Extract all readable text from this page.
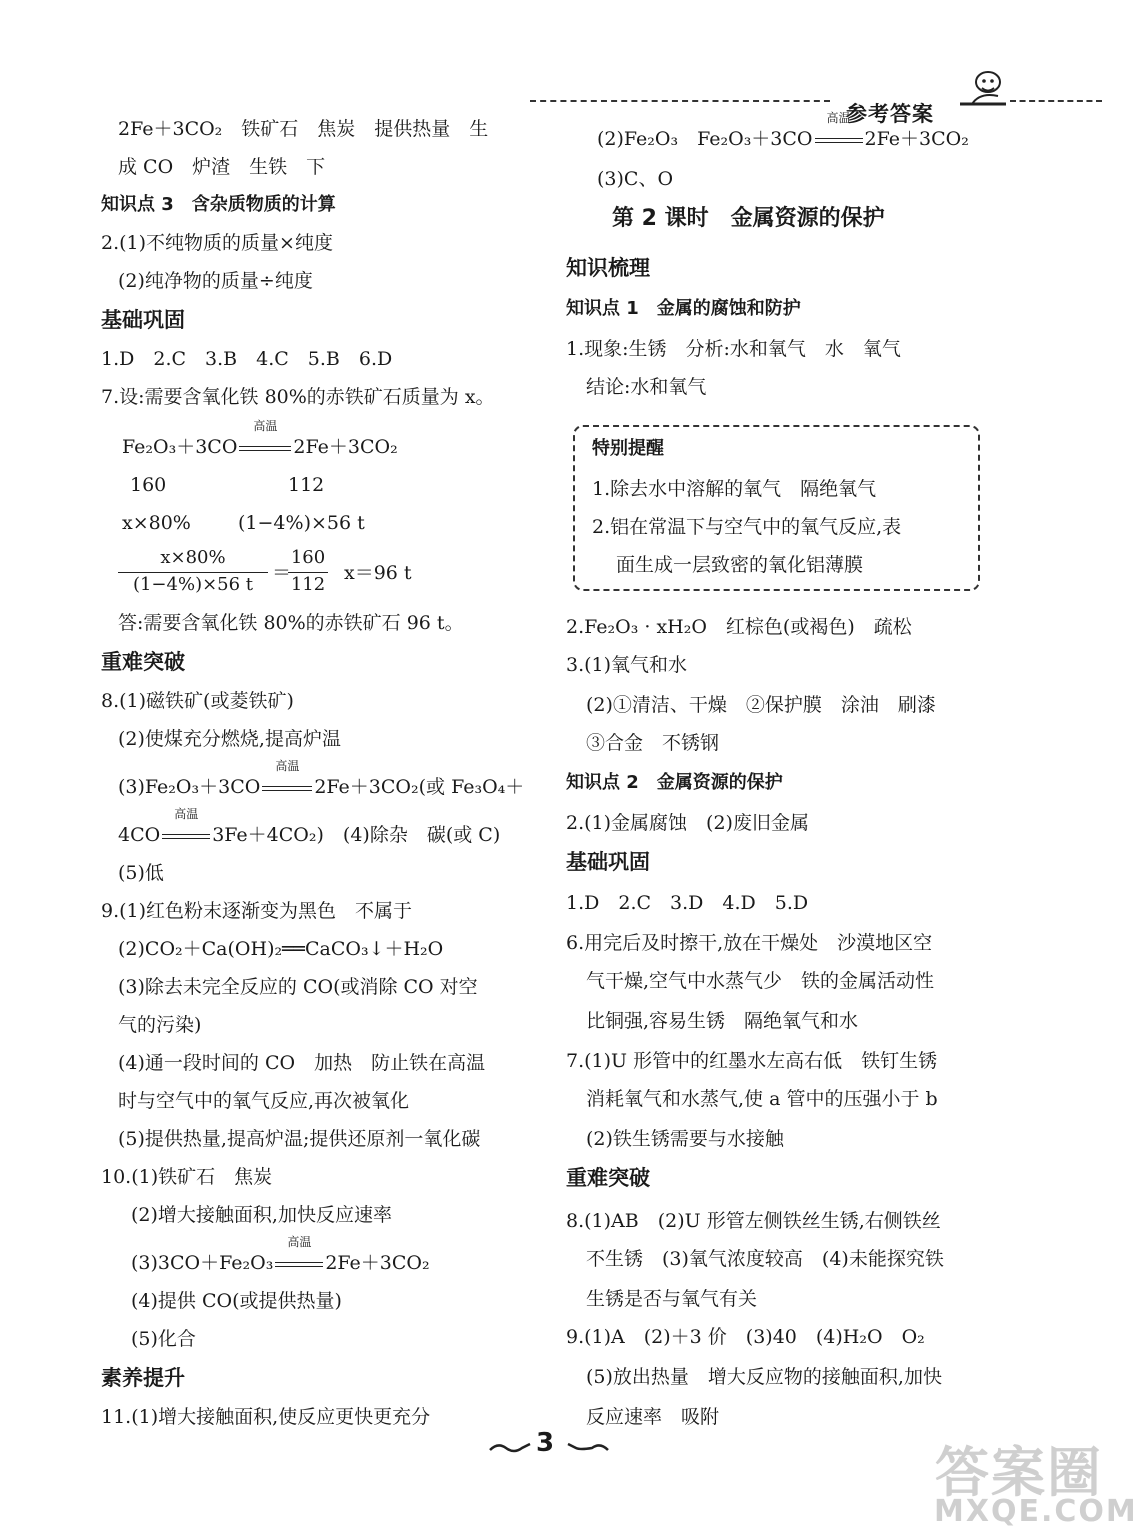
参考答案
2Fe＋3CO₂　铁矿石　焦炭　提供热量　生
成 CO　炉渣　生铁　下
知识点 3　含杂质物质的计算
2.(1)不纯物质的质量×纯度
(2)纯净物的质量÷纯度
基础巩固
1.D　2.C　3.B　4.C　5.B　6.D
7.设:需要含氧化铁 80%的赤铁矿石质量为 x。
Fe₂O₃＋3CO
高温
2Fe＋3CO₂
160	112
x×80% (1−4%)×56 t
x×80%
(1−4%)×56 t
＝
160
112
x＝96 t
答:需要含氧化铁 80%的赤铁矿石 96 t。
重难突破
8.(1)磁铁矿(或菱铁矿)
(2)使煤充分燃烧,提高炉温
(3)Fe₂O₃＋3CO
高温
2Fe＋3CO₂(或 Fe₃O₄＋
4CO
高温
3Fe＋4CO₂)　(4)除杂　碳(或 C)
(5)低
9.(1)红色粉末逐渐变为黑色　不属于
(2)CO₂＋Ca(OH)₂══CaCO₃↓＋H₂O
(3)除去未完全反应的 CO(或消除 CO 对空
气的污染)
(4)通一段时间的 CO　加热　防止铁在高温
时与空气中的氧气反应,再次被氧化
(5)提供热量,提高炉温;提供还原剂一氧化碳
10.(1)铁矿石　焦炭
(2)增大接触面积,加快反应速率
(3)3CO＋Fe₂O₃
高温
2Fe＋3CO₂
(4)提供 CO(或提供热量)
(5)化合
素养提升
11.(1)增大接触面积,使反应更快更充分
(2)Fe₂O₃　Fe₂O₃＋3CO
高温
2Fe＋3CO₂
(3)C、O
第 2 课时　金属资源的保护
知识梳理
知识点 1　金属的腐蚀和防护
1.现象:生锈　分析:水和氧气　水　氧气
结论:水和氧气
特别提醒
1.除去水中溶解的氧气　隔绝氧气
2.铝在常温下与空气中的氧气反应,表
面生成一层致密的氧化铝薄膜
2.Fe₂O₃ · xH₂O　红棕色(或褐色)　疏松
3.(1)氧气和水
(2)①清洁、干燥　②保护膜　涂油　刷漆
③合金　不锈钢
知识点 2　金属资源的保护
2.(1)金属腐蚀　(2)废旧金属
基础巩固
1.D　2.C　3.D　4.D　5.D
6.用完后及时擦干,放在干燥处　沙漠地区空
气干燥,空气中水蒸气少　铁的金属活动性
比铜强,容易生锈　隔绝氧气和水
7.(1)U 形管中的红墨水左高右低　铁钉生锈
消耗氧气和水蒸气,使 a 管中的压强小于 b
(2)铁生锈需要与水接触
重难突破
8.(1)AB　(2)U 形管左侧铁丝生锈,右侧铁丝
不生锈　(3)氧气浓度较高　(4)未能探究铁
生锈是否与氧气有关
9.(1)A　(2)＋3 价　(3)40　(4)H₂O　O₂
(5)放出热量　增大反应物的接触面积,加快
反应速率　吸附
3	答案圈
MXQE.COM
